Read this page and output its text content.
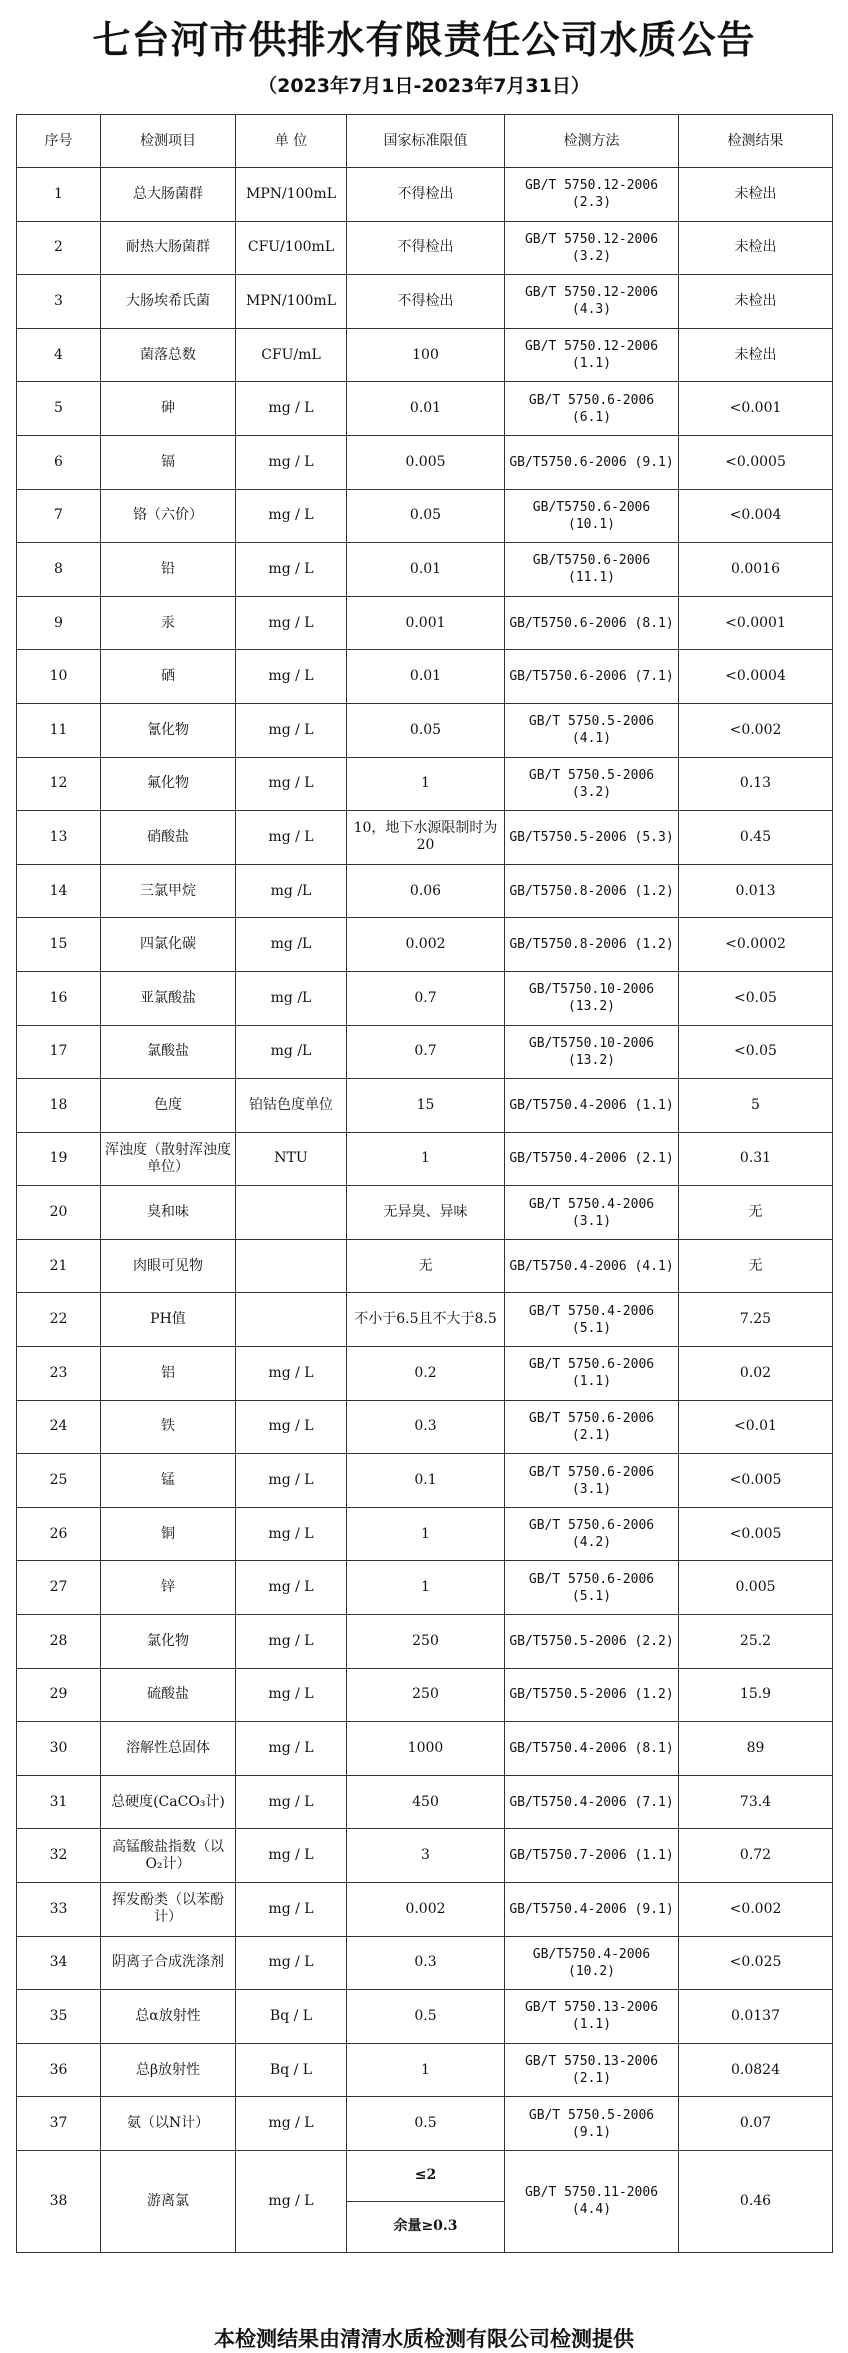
七台河市供排水有限责任公司水质公告
（2023年7月1日-2023年7月31日）
序号	检测项目	单 位	国家标准限值	检测方法	检测结果
1	总大肠菌群	MPN/100mL	不得检出	GB/T 5750.12-2006 (2.3)	未检出
2	耐热大肠菌群	CFU/100mL	不得检出	GB/T 5750.12-2006 (3.2)	未检出
3	大肠埃希氏菌	MPN/100mL	不得检出	GB/T 5750.12-2006 (4.3)	未检出
4	菌落总数	CFU/mL	100	GB/T 5750.12-2006 (1.1)	未检出
5	砷	mg / L	0.01	GB/T 5750.6-2006 (6.1)	<0.001
6	镉	mg / L	0.005	GB/T5750.6-2006 (9.1)	<0.0005
7	铬（六价）	mg / L	0.05	GB/T5750.6-2006 (10.1)	<0.004
8	铅	mg / L	0.01	GB/T5750.6-2006 (11.1)	0.0016
9	汞	mg / L	0.001	GB/T5750.6-2006 (8.1)	<0.0001
10	硒	mg / L	0.01	GB/T5750.6-2006 (7.1)	<0.0004
11	氰化物	mg / L	0.05	GB/T 5750.5-2006 (4.1)	<0.002
12	氟化物	mg / L	1	GB/T 5750.5-2006 (3.2)	0.13
13	硝酸盐	mg / L	10，地下水源限制时为20	GB/T5750.5-2006 (5.3)	0.45
14	三氯甲烷	mg /L	0.06	GB/T5750.8-2006 (1.2)	0.013
15	四氯化碳	mg /L	0.002	GB/T5750.8-2006 (1.2)	<0.0002
16	亚氯酸盐	mg /L	0.7	GB/T5750.10-2006 (13.2)	<0.05
17	氯酸盐	mg /L	0.7	GB/T5750.10-2006 (13.2)	<0.05
18	色度	铂钴色度单位	15	GB/T5750.4-2006 (1.1)	5
19	浑浊度（散射浑浊度单位）	NTU	1	GB/T5750.4-2006 (2.1)	0.31
20	臭和味		无异臭、异味	GB/T 5750.4-2006 (3.1)	无
21	肉眼可见物		无	GB/T5750.4-2006 (4.1)	无
22	PH值		不小于6.5且不大于8.5	GB/T 5750.4-2006 (5.1)	7.25
23	铝	mg / L	0.2	GB/T 5750.6-2006 (1.1)	0.02
24	铁	mg / L	0.3	GB/T 5750.6-2006 (2.1)	<0.01
25	锰	mg / L	0.1	GB/T 5750.6-2006 (3.1)	<0.005
26	铜	mg / L	1	GB/T 5750.6-2006 (4.2)	<0.005
27	锌	mg / L	1	GB/T 5750.6-2006 (5.1)	0.005
28	氯化物	mg / L	250	GB/T5750.5-2006 (2.2)	25.2
29	硫酸盐	mg / L	250	GB/T5750.5-2006 (1.2)	15.9
30	溶解性总固体	mg / L	1000	GB/T5750.4-2006 (8.1)	89
31	总硬度(CaCO₃计)	mg / L	450	GB/T5750.4-2006 (7.1)	73.4
32	高锰酸盐指数（以O₂计）	mg / L	3	GB/T5750.7-2006 (1.1)	0.72
33	挥发酚类（以苯酚计）	mg / L	0.002	GB/T5750.4-2006 (9.1)	<0.002
34	阴离子合成洗涤剂	mg / L	0.3	GB/T5750.4-2006 (10.2)	<0.025
35	总α放射性	Bq / L	0.5	GB/T 5750.13-2006 (1.1)	0.0137
36	总β放射性	Bq / L	1	GB/T 5750.13-2006 (2.1)	0.0824
37	氨（以N计）	mg / L	0.5	GB/T 5750.5-2006 (9.1)	0.07
38	游离氯	mg / L	≤2	GB/T 5750.11-2006 (4.4)	0.46
			余量≥0.3		
本检测结果由清清水质检测有限公司检测提供
